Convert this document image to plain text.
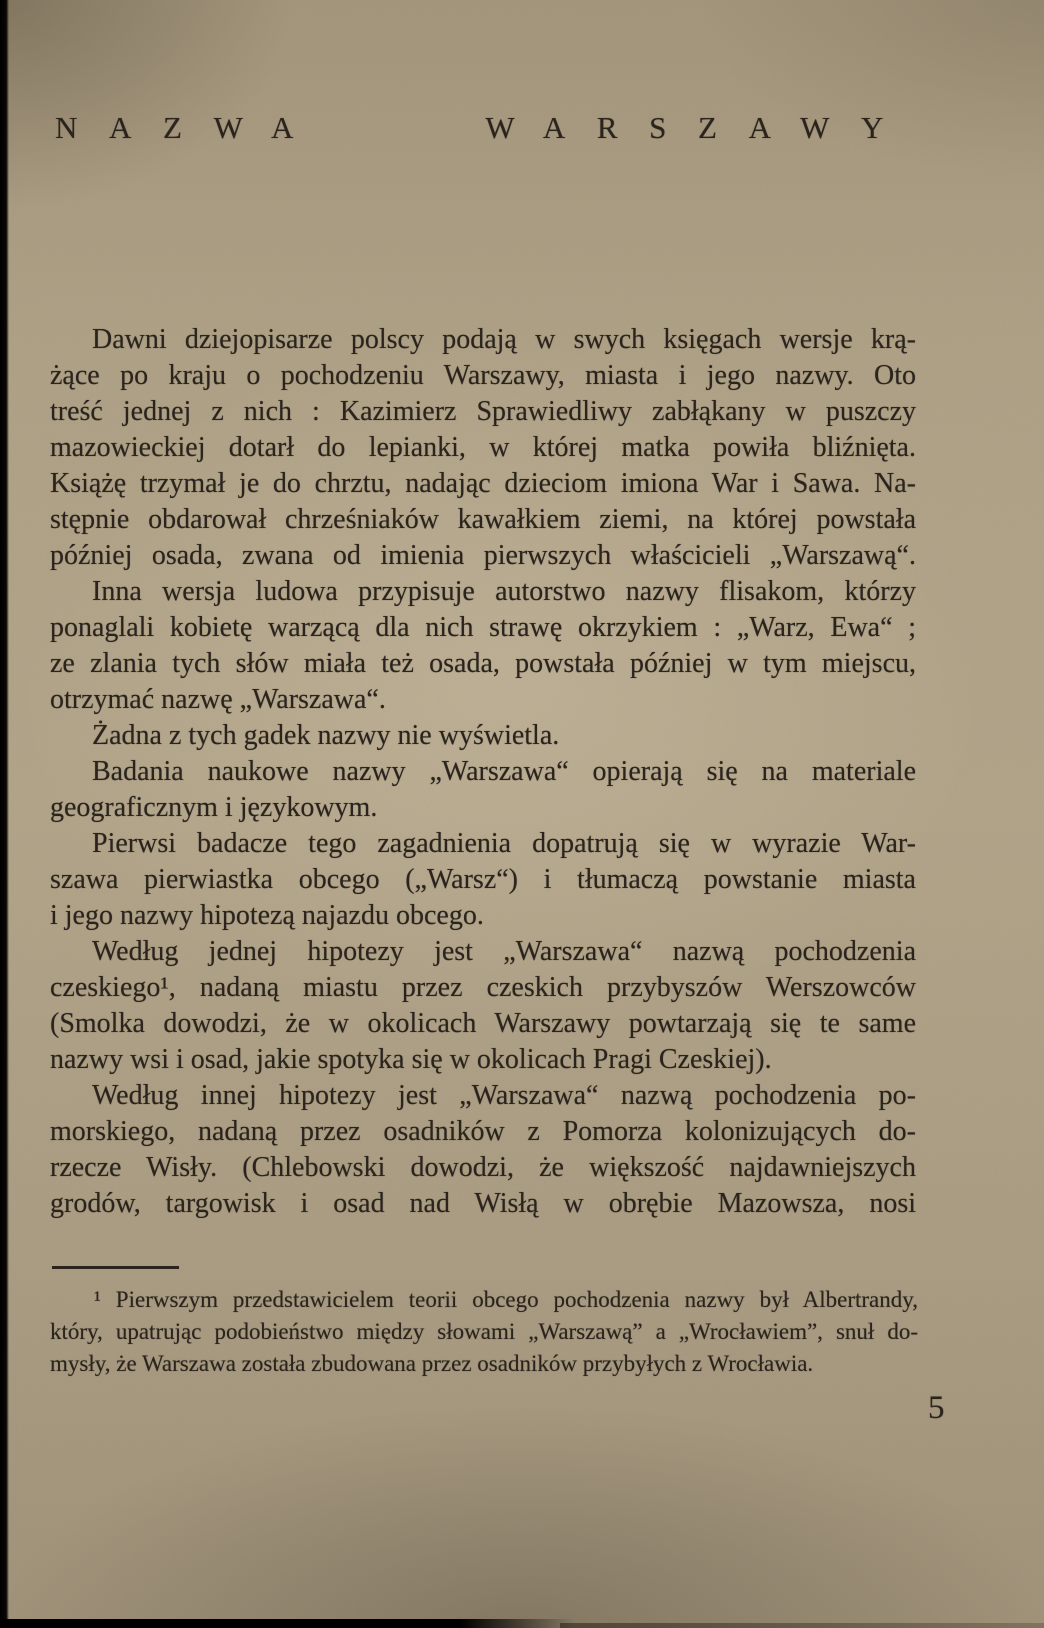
NAZWA	WARSZAWY
Dawni dziejopisarze polscy podają w swych księgach wersje krą-
żące po kraju o pochodzeniu Warszawy, miasta i jego nazwy. Oto
treść jednej z nich : Kazimierz Sprawiedliwy zabłąkany w puszczy
mazowieckiej dotarł do lepianki, w której matka powiła bliźnięta.
Książę trzymał je do chrztu, nadając dzieciom imiona War i Sawa. Na-
stępnie obdarował chrześniaków kawałkiem ziemi, na której powstała
później osada, zwana od imienia pierwszych właścicieli „Warszawą“.
Inna wersja ludowa przypisuje autorstwo nazwy flisakom, którzy
ponaglali kobietę warzącą dla nich strawę okrzykiem : „Warz, Ewa“ ;
ze zlania tych słów miała też osada, powstała później w tym miejscu,
otrzymać nazwę „Warszawa“.
Żadna z tych gadek nazwy nie wyświetla.
Badania naukowe nazwy „Warszawa“ opierają się na materiale
geograficznym i językowym.
Pierwsi badacze tego zagadnienia dopatrują się w wyrazie War-
szawa pierwiastka obcego („Warsz“) i tłumaczą powstanie miasta
i jego nazwy hipotezą najazdu obcego.
Według jednej hipotezy jest „Warszawa“ nazwą pochodzenia
czeskiego¹, nadaną miastu przez czeskich przybyszów Werszowców
(Smolka dowodzi, że w okolicach Warszawy powtarzają się te same
nazwy wsi i osad, jakie spotyka się w okolicach Pragi Czeskiej).
Według innej hipotezy jest „Warszawa“ nazwą pochodzenia po-
morskiego, nadaną przez osadników z Pomorza kolonizujących do-
rzecze Wisły. (Chlebowski dowodzi, że większość najdawniejszych
grodów, targowisk i osad nad Wisłą w obrębie Mazowsza, nosi
¹ Pierwszym przedstawicielem teorii obcego pochodzenia nazwy był Albertrandy,
który, upatrując podobieństwo między słowami „Warszawą” a „Wrocławiem”, snuł do-
mysły, że Warszawa została zbudowana przez osadników przybyłych z Wrocławia.
5
